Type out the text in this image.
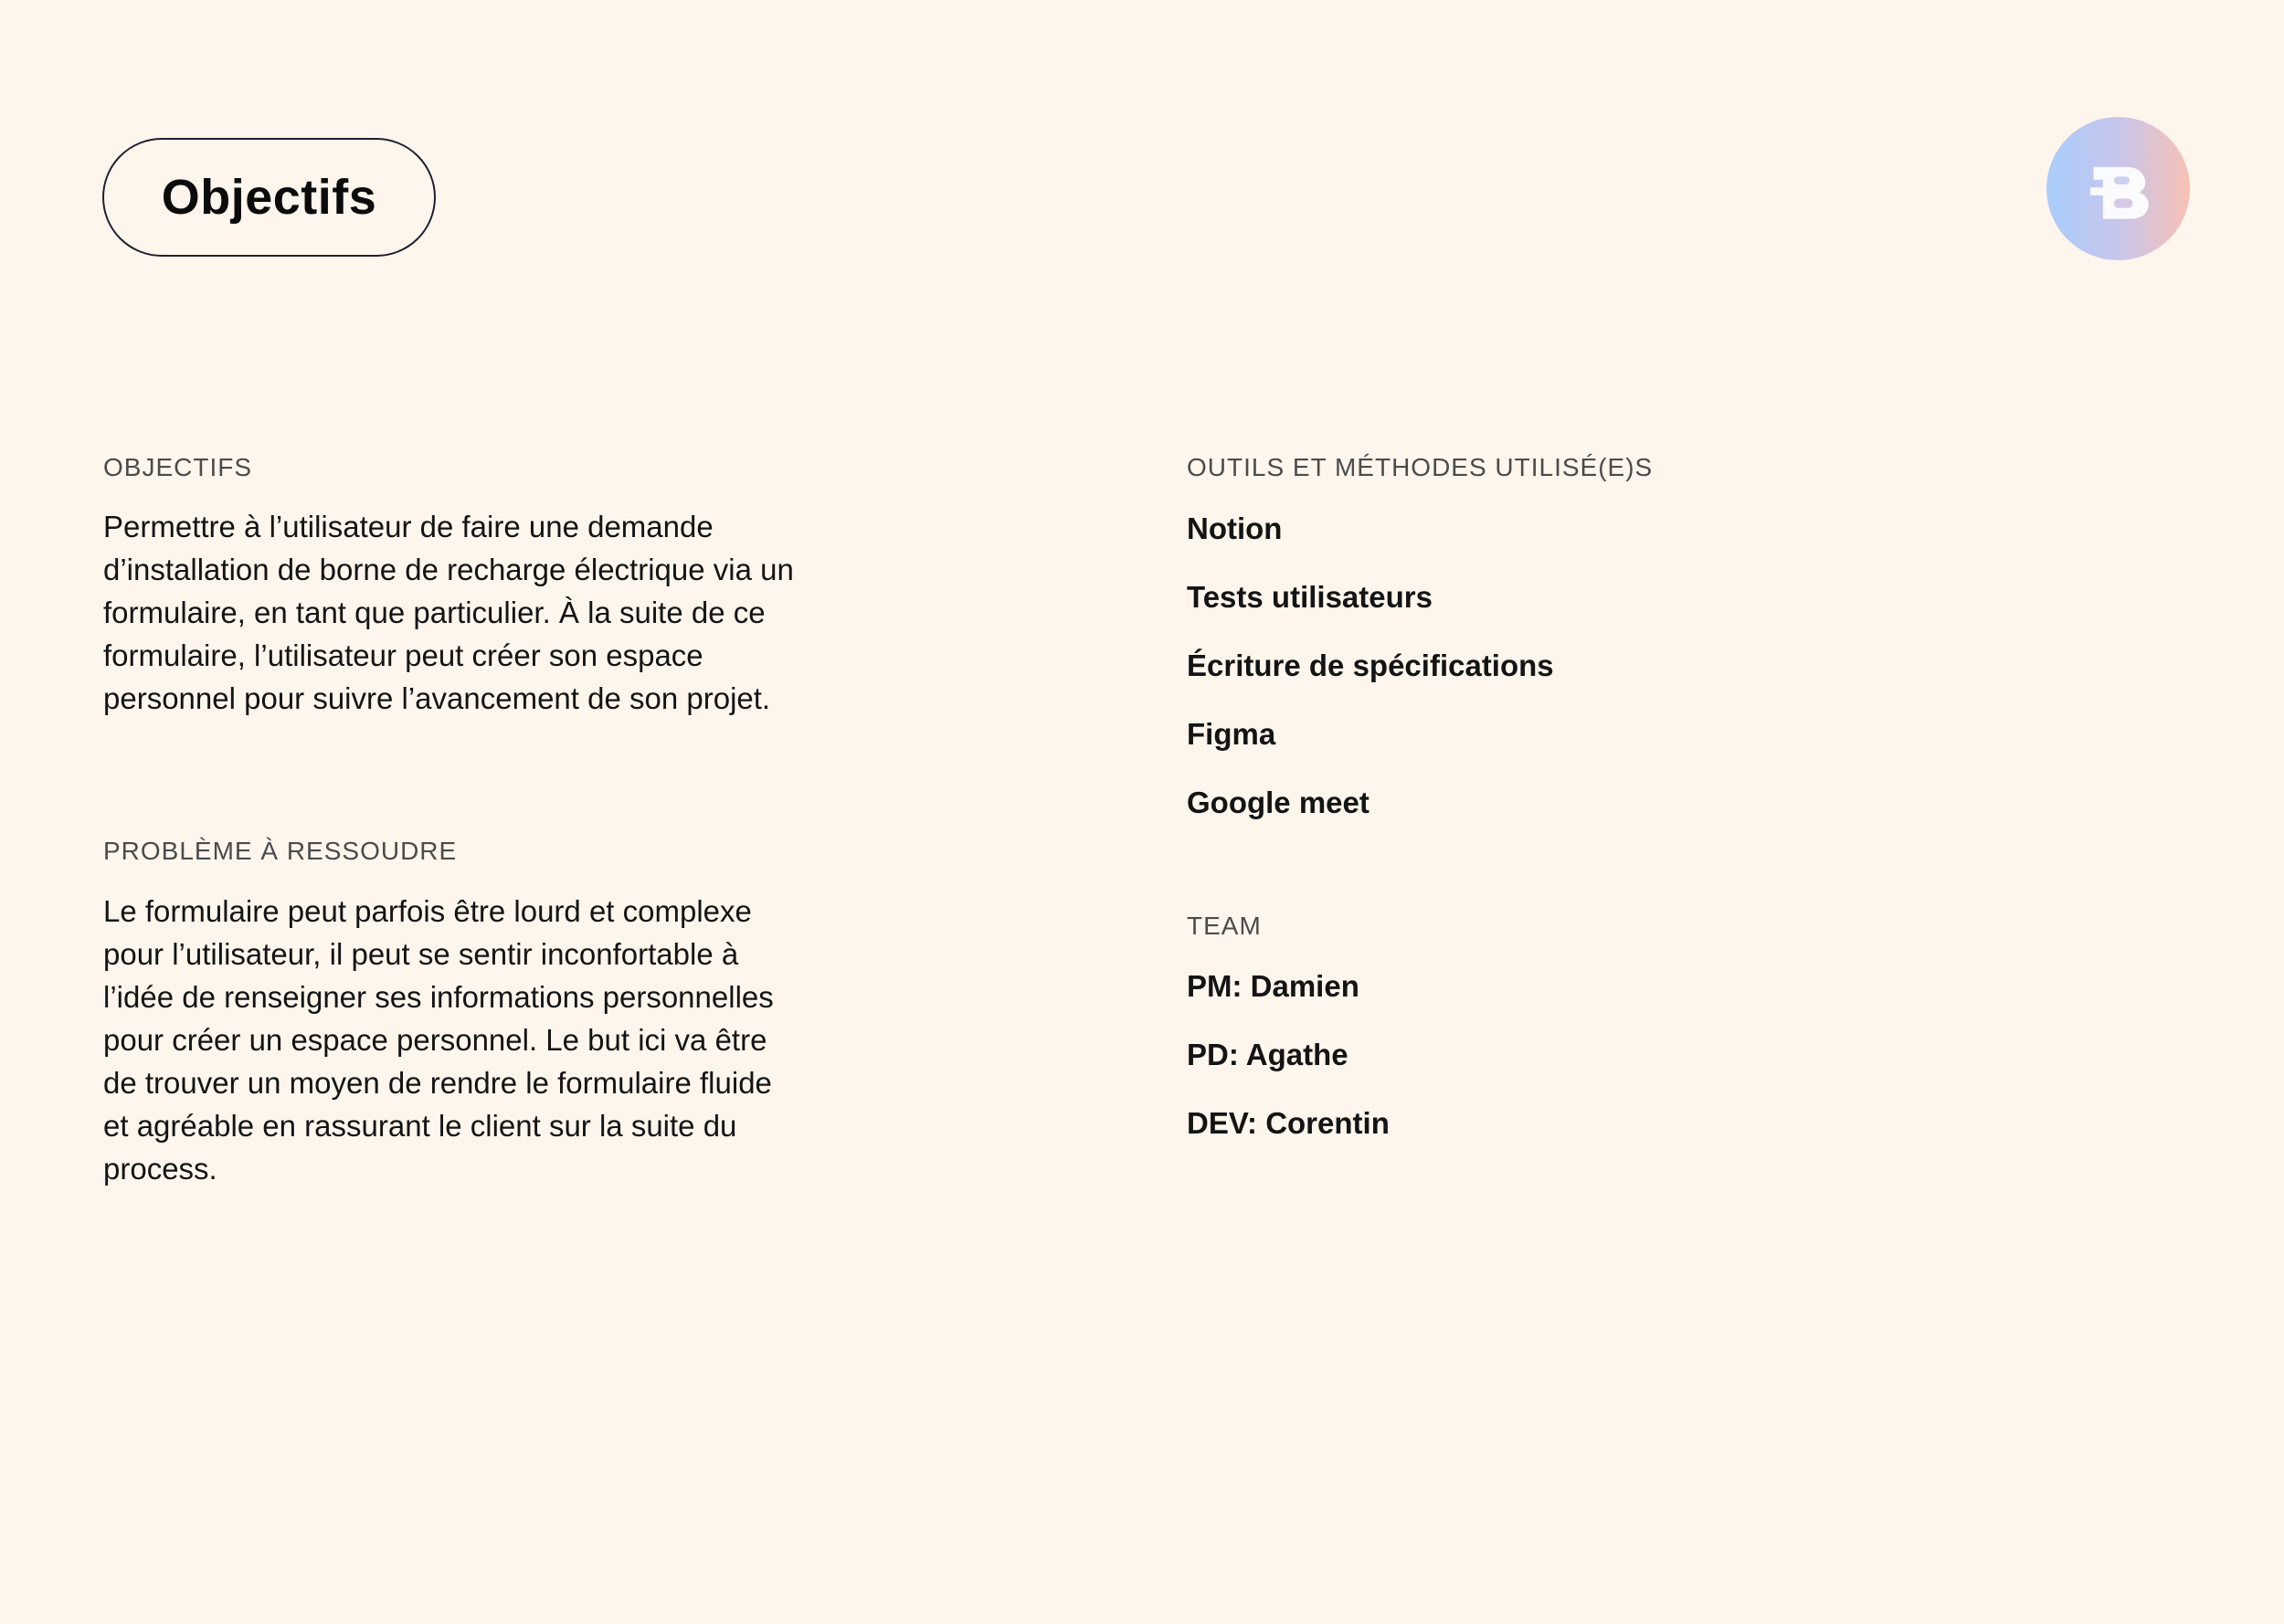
Objectifs
OBJECTIFS

Permettre à l’utilisateur de faire une demande d’installation de borne de recharge électrique via un formulaire, en tant que particulier. À la suite de ce formulaire, l’utilisateur peut créer son espace personnel pour suivre l’avancement de son projet.

PROBLÈME À RESSOUDRE

Le formulaire peut parfois être lourd et complexe pour l’utilisateur, il peut se sentir inconfortable à l’idée de renseigner ses informations personnelles pour créer un espace personnel. Le but ici va être de trouver un moyen de rendre le formulaire fluide et agréable en rassurant le client sur la suite du process.

OUTILS ET MÉTHODES UTILISÉ(E)S
Notion
Tests utilisateurs
Écriture de spécifications
Figma
Google meet
TEAM
PM: Damien
PD: Agathe
DEV: Corentin
